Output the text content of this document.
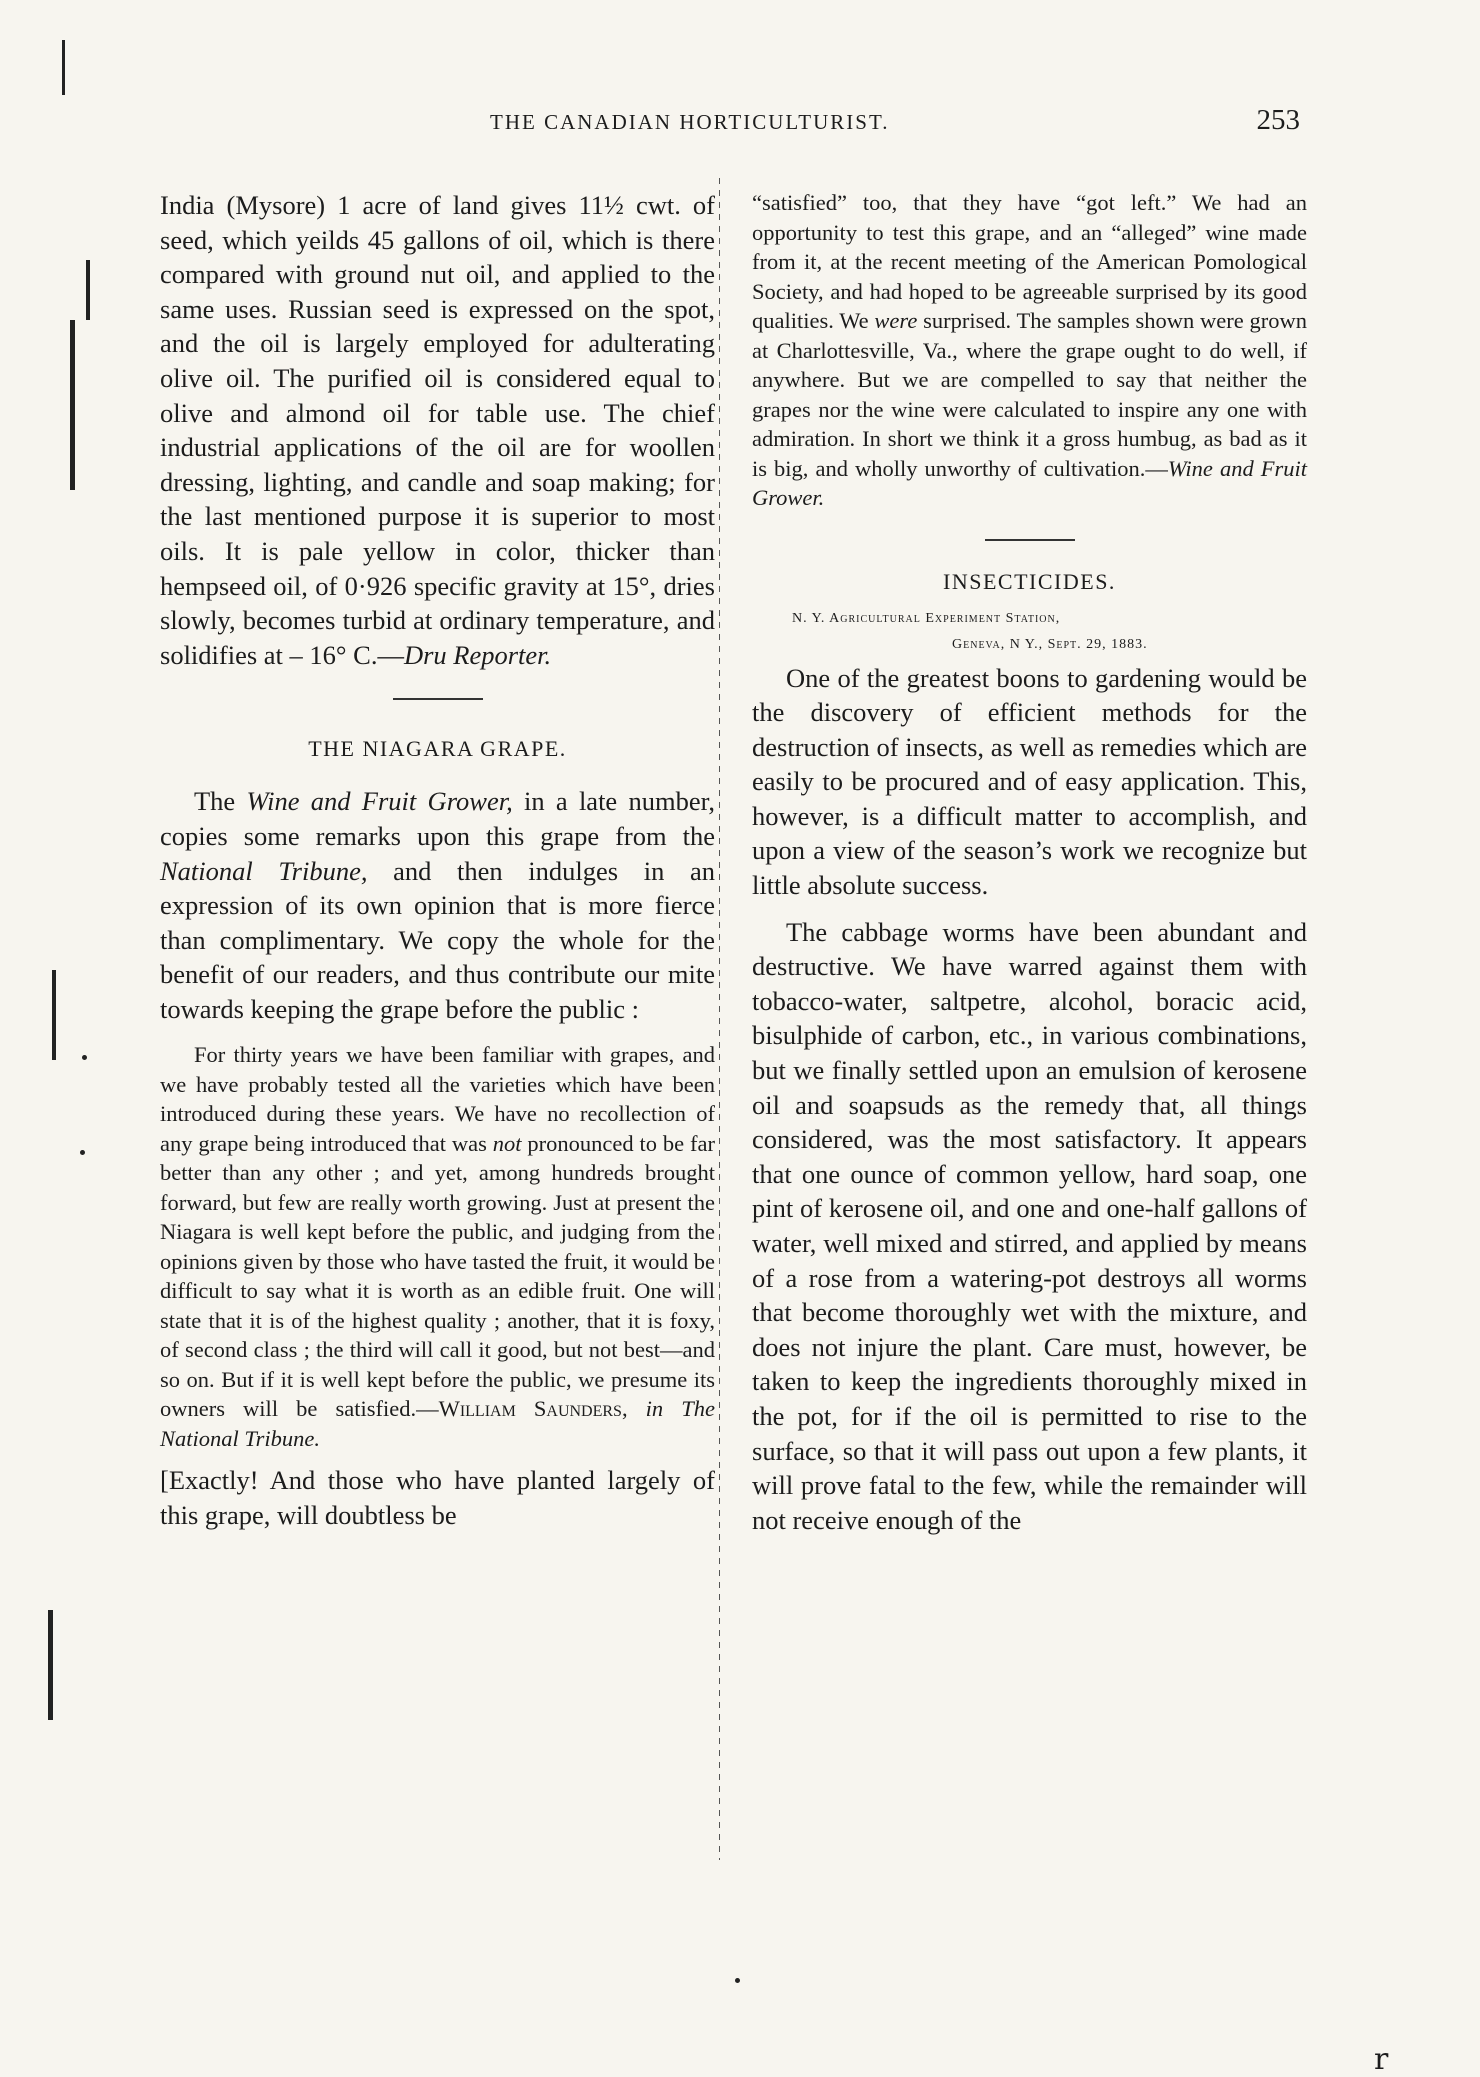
THE CANADIAN HORTICULTURIST.	253

India (Mysore) 1 acre of land gives 11½ cwt. of seed, which yeilds 45 gallons of oil, which is there compared with ground nut oil, and applied to the same uses. Russian seed is expressed on the spot, and the oil is largely employed for adulterating olive oil. The purified oil is considered equal to olive and almond oil for table use. The chief industrial applications of the oil are for woollen dressing, lighting, and candle and soap making; for the last mentioned purpose it is superior to most oils. It is pale yellow in color, thicker than hempseed oil, of 0·926 specific gravity at 15°, dries slowly, becomes turbid at ordinary temperature, and solidifies at – 16° C.—Dru Reporter.

THE NIAGARA GRAPE.

The Wine and Fruit Grower, in a late number, copies some remarks upon this grape from the National Tribune, and then indulges in an expression of its own opinion that is more fierce than complimentary. We copy the whole for the benefit of our readers, and thus contribute our mite towards keeping the grape before the public :

For thirty years we have been familiar with grapes, and we have probably tested all the varieties which have been introduced during these years. We have no recollection of any grape being introduced that was not pronounced to be far better than any other ; and yet, among hundreds brought forward, but few are really worth growing. Just at present the Niagara is well kept before the public, and judging from the opinions given by those who have tasted the fruit, it would be difficult to say what it is worth as an edible fruit. One will state that it is of the highest quality ; another, that it is foxy, of second class ; the third will call it good, but not best—and so on. But if it is well kept before the public, we presume its owners will be satisfied.—William Saunders, in The National Tribune.

[Exactly! And those who have planted largely of this grape, will doubtless be

“satisfied” too, that they have “got left.” We had an opportunity to test this grape, and an “alleged” wine made from it, at the recent meeting of the American Pomological Society, and had hoped to be agreeable surprised by its good qualities. We were surprised. The samples shown were grown at Charlottesville, Va., where the grape ought to do well, if anywhere. But we are compelled to say that neither the grapes nor the wine were calculated to inspire any one with admiration. In short we think it a gross humbug, as bad as it is big, and wholly unworthy of cultivation.—Wine and Fruit Grower.

INSECTICIDES.

N. Y. Agricultural Experiment Station,

Geneva, N Y., Sept. 29, 1883.

One of the greatest boons to gardening would be the discovery of efficient methods for the destruction of insects, as well as remedies which are easily to be procured and of easy application. This, however, is a difficult matter to accomplish, and upon a view of the season’s work we recognize but little absolute success.

The cabbage worms have been abundant and destructive. We have warred against them with tobacco-water, saltpetre, alcohol, boracic acid, bisulphide of carbon, etc., in various combinations, but we finally settled upon an emulsion of kerosene oil and soapsuds as the remedy that, all things considered, was the most satisfactory. It appears that one ounce of common yellow, hard soap, one pint of kerosene oil, and one and one-half gallons of water, well mixed and stirred, and applied by means of a rose from a watering-pot destroys all worms that become thoroughly wet with the mixture, and does not injure the plant. Care must, however, be taken to keep the ingredients thoroughly mixed in the pot, for if the oil is permitted to rise to the surface, so that it will pass out upon a few plants, it will prove fatal to the few, while the remainder will not receive enough of the

r
